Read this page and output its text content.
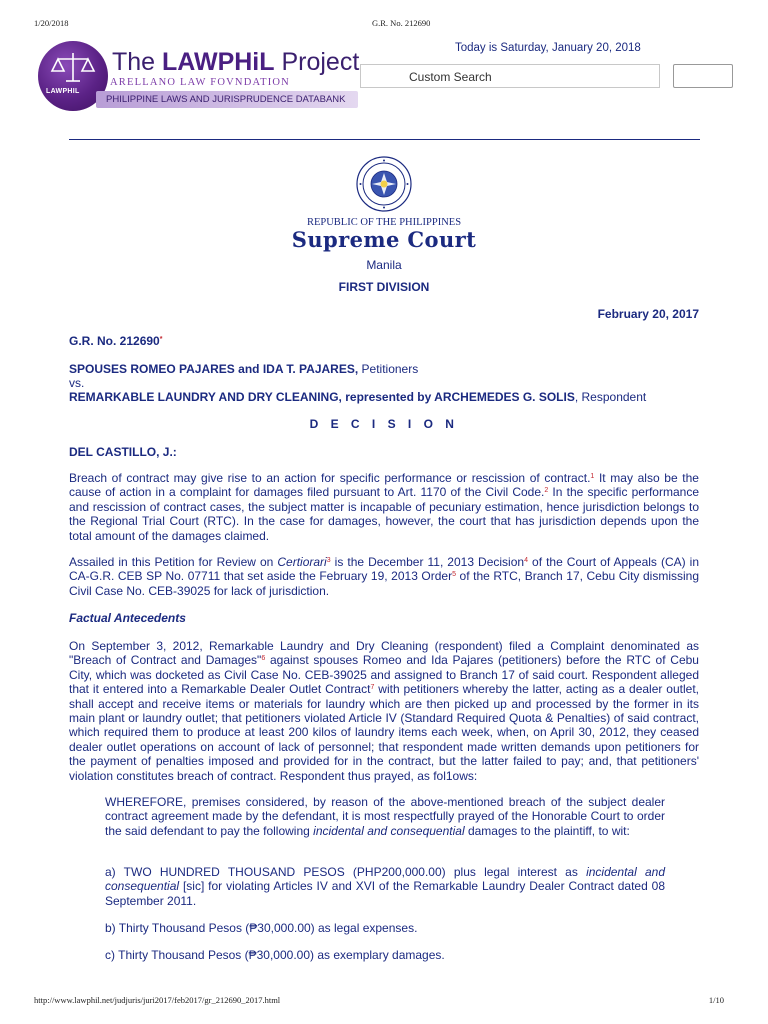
1/20/2018	G.R. No. 212690
LAWPHIL
The LAWPHiL Project
ARELLANO LAW FOVNDATION
PHILIPPINE LAWS AND JURISPRUDENCE DATABANK
Today is Saturday, January 20, 2018
Custom Search
REPUBLIC OF THE PHILIPPINES
Supreme Court
Manila
FIRST DIVISION
February 20, 2017
G.R. No. 212690*
SPOUSES ROMEO PAJARES and IDA T. PAJARES, Petitioners
vs.
REMARKABLE LAUNDRY AND DRY CLEANING, represented by ARCHEMEDES G. SOLIS, Respondent
D E C I S I O N
DEL CASTILLO, J.:
Breach of contract may give rise to an action for specific performance or rescission of contract.$^1$ It may also be the cause of action in a complaint for damages filed pursuant to Art. 1170 of the Civil Code.$^2$ In the specific performance and rescission of contract cases, the subject matter is incapable of pecuniary estimation, hence jurisdiction belongs to the Regional Trial Court (RTC). In the case for damages, however, the court that has jurisdiction depends upon the total amount of the damages claimed.
Assailed in this Petition for Review on Certiorari$^3$ is the December 11, 2013 Decision$^4$ of the Court of Appeals (CA) in CA-G.R. CEB SP No. 07711 that set aside the February 19, 2013 Order$^5$ of the RTC, Branch 17, Cebu City dismissing Civil Case No. CEB-39025 for lack of jurisdiction.
Factual Antecedents
On September 3, 2012, Remarkable Laundry and Dry Cleaning (respondent) filed a Complaint denominated as "Breach of Contract and Damages"$^6$ against spouses Romeo and Ida Pajares (petitioners) before the RTC of Cebu City, which was docketed as Civil Case No. CEB-39025 and assigned to Branch 17 of said court. Respondent alleged that it entered into a Remarkable Dealer Outlet Contract$^7$ with petitioners whereby the latter, acting as a dealer outlet, shall accept and receive items or materials for laundry which are then picked up and processed by the former in its main plant or laundry outlet; that petitioners violated Article IV (Standard Required Quota & Penalties) of said contract, which required them to produce at least 200 kilos of laundry items each week, when, on April 30, 2012, they ceased dealer outlet operations on account of lack of personnel; that respondent made written demands upon petitioners for the payment of penalties imposed and provided for in the contract, but the latter failed to pay; and, that petitioners' violation constitutes breach of contract. Respondent thus prayed, as fol1ows:
WHEREFORE, premises considered, by reason of the above-mentioned breach of the subject dealer contract agreement made by the defendant, it is most respectfully prayed of the Honorable Court to order the said defendant to pay the following incidental and consequential damages to the plaintiff, to wit:
a) TWO HUNDRED THOUSAND PESOS (PHP200,000.00) plus legal interest as incidental and consequential [sic] for violating Articles IV and XVI of the Remarkable Laundry Dealer Contract dated 08 September 2011.
b) Thirty Thousand Pesos (₱30,000.00) as legal expenses.
c) Thirty Thousand Pesos (₱30,000.00) as exemplary damages.
http://www.lawphil.net/judjuris/juri2017/feb2017/gr_212690_2017.html	1/10
